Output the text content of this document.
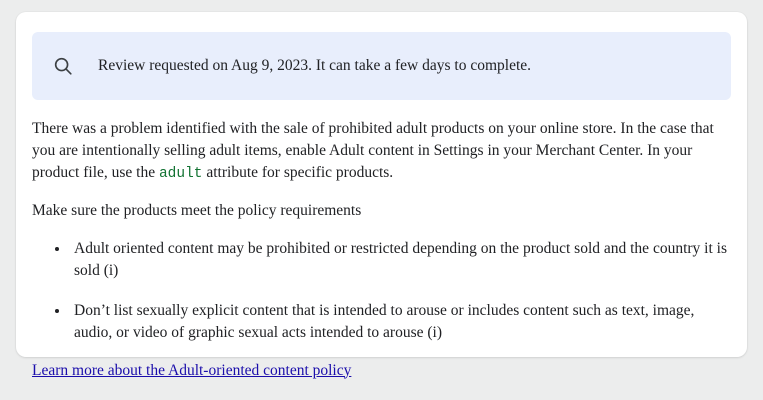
Review requested on Aug 9, 2023. It can take a few days to complete.

There was a problem identified with the sale of prohibited adult products on your online store. In the case that you are intentionally selling adult items, enable Adult content in Settings in your Merchant Center. In your product file, use the adult attribute for specific products.

Make sure the products meet the policy requirements

• Adult oriented content may be prohibited or restricted depending on the product sold and the country it is sold (i)
• Don’t list sexually explicit content that is intended to arouse or includes content such as text, image, audio, or video of graphic sexual acts intended to arouse (i)
Learn more about the Adult-oriented content policy
